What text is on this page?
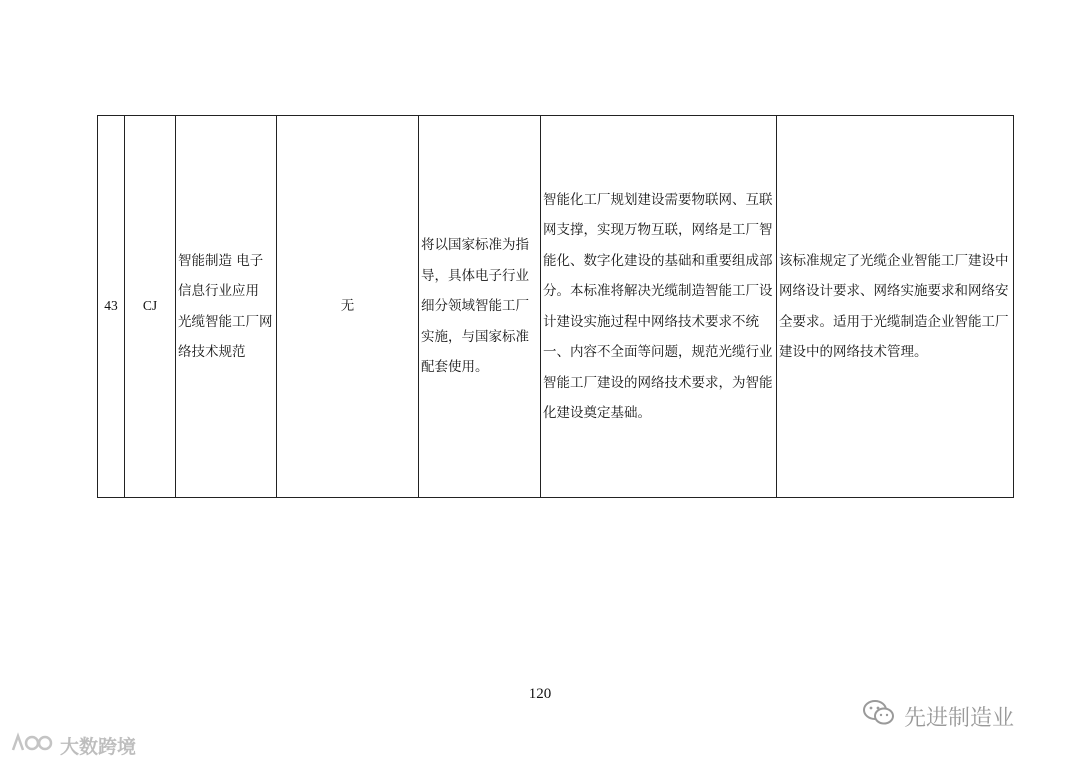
43	CJ	智能制造 电子信息行业应用 光缆智能工厂网络技术规范	无	将以国家标准为指导，具体电子行业细分领域智能工厂实施，与国家标准配套使用。	智能化工厂规划建设需要物联网、互联网支撑，实现万物互联，网络是工厂智能化、数字化建设的基础和重要组成部分。本标准将解决光缆制造智能工厂设计建设实施过程中网络技术要求不统一、内容不全面等问题，规范光缆行业智能工厂建设的网络技术要求，为智能化建设奠定基础。	该标准规定了光缆企业智能工厂建设中网络设计要求、网络实施要求和网络安全要求。适用于光缆制造企业智能工厂建设中的网络技术管理。
120
先进制造业
大数跨境
